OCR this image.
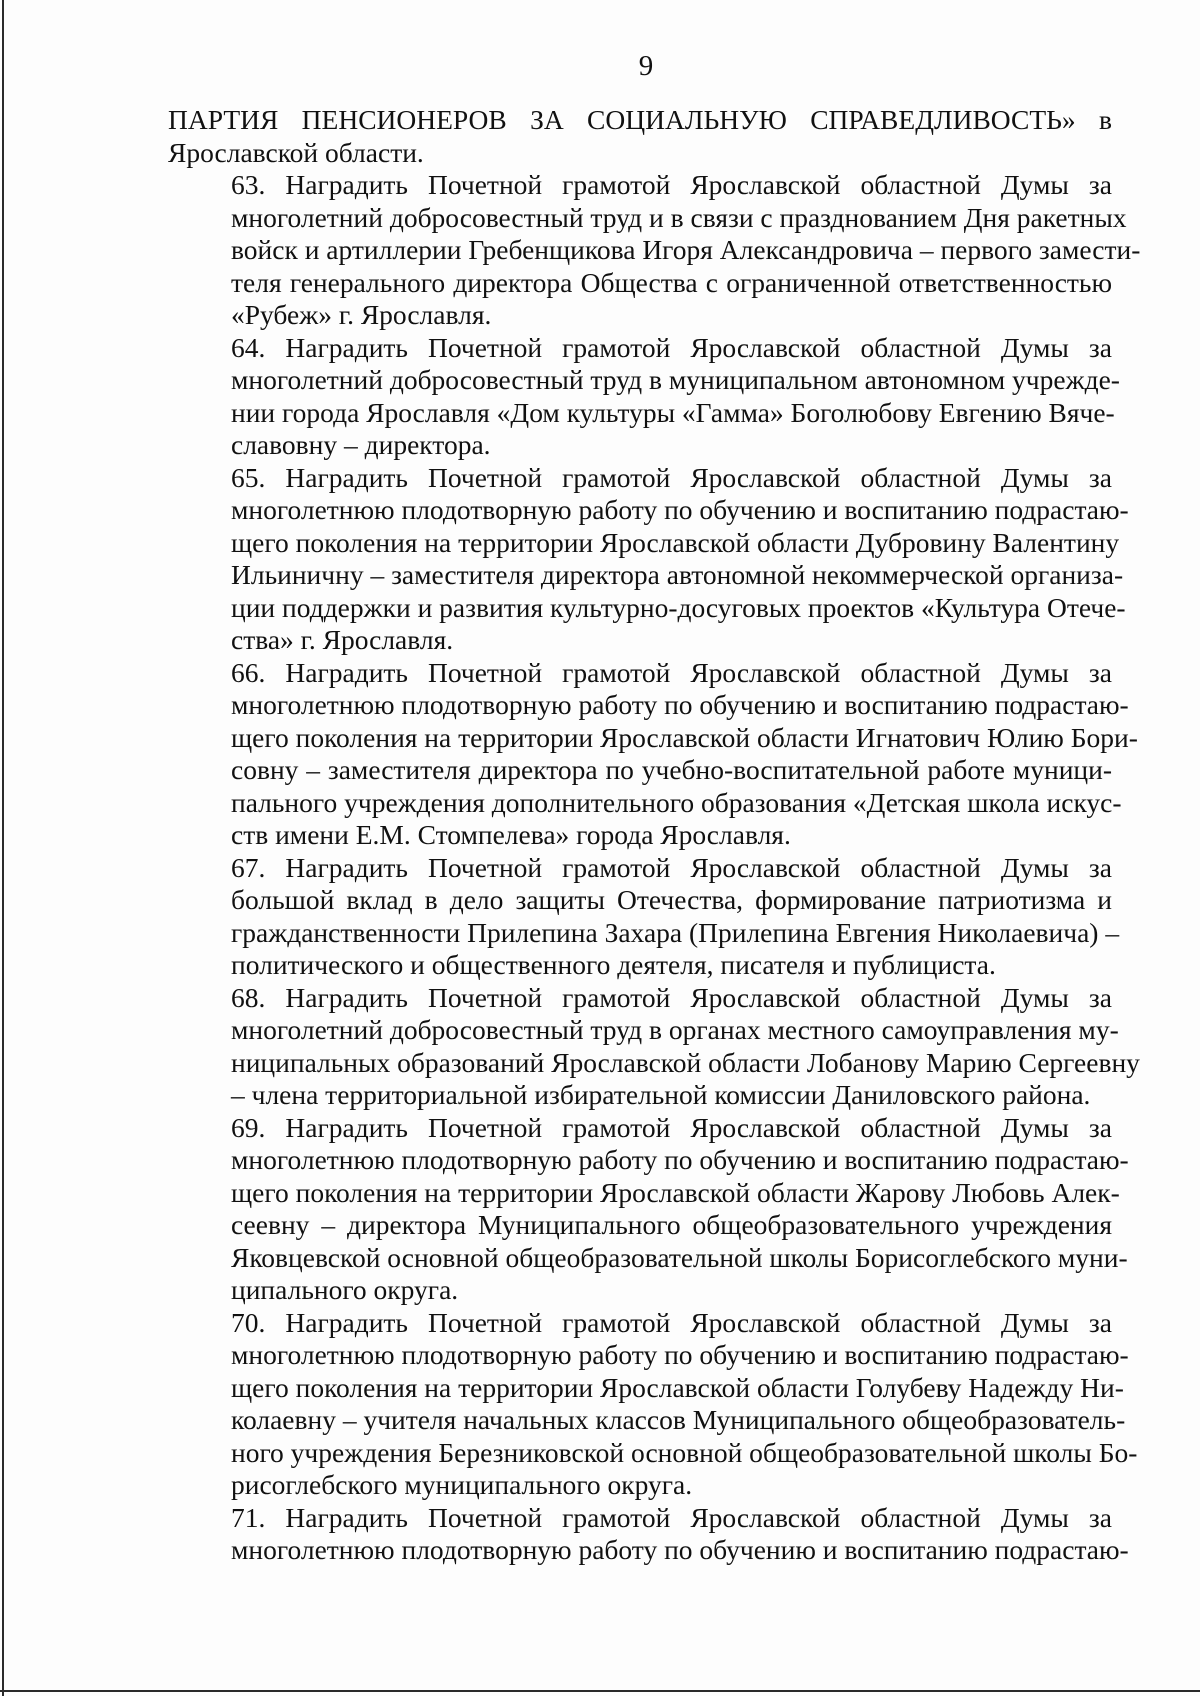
9
ПАРТИЯ ПЕНСИОНЕРОВ ЗА СОЦИАЛЬНУЮ СПРАВЕДЛИВОСТЬ» в
Ярославской области.
63. Наградить Почетной грамотой Ярославской областной Думы за
многолетний добросовестный труд и в связи с празднованием Дня ракетных
войск и артиллерии Гребенщикова Игоря Александровича – первого замести-
теля генерального директора Общества с ограниченной ответственностью
«Рубеж» г. Ярославля.
64. Наградить Почетной грамотой Ярославской областной Думы за
многолетний добросовестный труд в муниципальном автономном учрежде-
нии города Ярославля «Дом культуры «Гамма» Боголюбову Евгению Вяче-
славовну – директора.
65. Наградить Почетной грамотой Ярославской областной Думы за
многолетнюю плодотворную работу по обучению и воспитанию подрастаю-
щего поколения на территории Ярославской области Дубровину Валентину
Ильиничну – заместителя директора автономной некоммерческой организа-
ции поддержки и развития культурно-досуговых проектов «Культура Отече-
ства» г. Ярославля.
66. Наградить Почетной грамотой Ярославской областной Думы за
многолетнюю плодотворную работу по обучению и воспитанию подрастаю-
щего поколения на территории Ярославской области Игнатович Юлию Бори-
совну – заместителя директора по учебно-воспитательной работе муници-
пального учреждения дополнительного образования «Детская школа искус-
ств имени Е.М. Стомпелева» города Ярославля.
67. Наградить Почетной грамотой Ярославской областной Думы за
большой вклад в дело защиты Отечества, формирование патриотизма и
гражданственности Прилепина Захара (Прилепина Евгения Николаевича) –
политического и общественного деятеля, писателя и публициста.
68. Наградить Почетной грамотой Ярославской областной Думы за
многолетний добросовестный труд в органах местного самоуправления му-
ниципальных образований Ярославской области Лобанову Марию Сергеевну
– члена территориальной избирательной комиссии Даниловского района.
69. Наградить Почетной грамотой Ярославской областной Думы за
многолетнюю плодотворную работу по обучению и воспитанию подрастаю-
щего поколения на территории Ярославской области Жарову Любовь Алек-
сеевну – директора Муниципального общеобразовательного учреждения
Яковцевской основной общеобразовательной школы Борисоглебского муни-
ципального округа.
70. Наградить Почетной грамотой Ярославской областной Думы за
многолетнюю плодотворную работу по обучению и воспитанию подрастаю-
щего поколения на территории Ярославской области Голубеву Надежду Ни-
колаевну – учителя начальных классов Муниципального общеобразователь-
ного учреждения Березниковской основной общеобразовательной школы Бо-
рисоглебского муниципального округа.
71. Наградить Почетной грамотой Ярославской областной Думы за
многолетнюю плодотворную работу по обучению и воспитанию подрастаю-
